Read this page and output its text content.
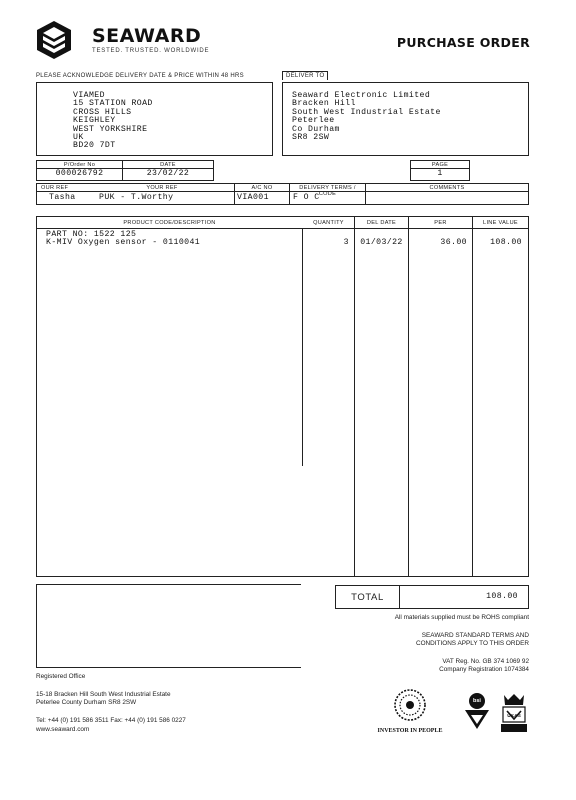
SEAWARD
TESTED. TRUSTED. WORLDWIDE
PURCHASE ORDER
PLEASE ACKNOWLEDGE DELIVERY DATE & PRICE WITHIN 48 HRS	DELIVER TO
VIAMED
15 STATION ROAD
CROSS HILLS
KEIGHLEY
WEST YORKSHIRE
UK
BD20 7DT
Seaward Electronic Limited
Bracken Hill
South West Industrial Estate
Peterlee
Co Durham
SR8 2SW
P/Order No	DATE
000026792	23/02/22
PAGE
1
OUR REF	YOUR REF	A/C NO	DELIVERY TERMS / CODE
COMMENTS
Tasha	PUK - T.Worthy	VIA001	F O C
PRODUCT CODE/DESCRIPTION	QUANTITY	DEL DATE	PER	LINE VALUE
PART NO: 1522 125
K-MIV Oxygen sensor - 0110041	3	01/03/22	36.00	108.00
TOTAL	108.00
All materials supplied must be ROHS compliant
SEAWARD STANDARD TERMS AND
CONDITIONS APPLY TO THIS ORDER
VAT Reg. No. GB 374 1069 92
Company Registration 1074384
Registered Office
15-18 Bracken Hill South West Industrial Estate
Peterlee County Durham SR8 2SW
Tel: +44 (0) 191 586 3511 Fax: +44 (0) 191 586 0227
www.seaward.com	INVESTOR IN PEOPLE
bsi
UKAS
